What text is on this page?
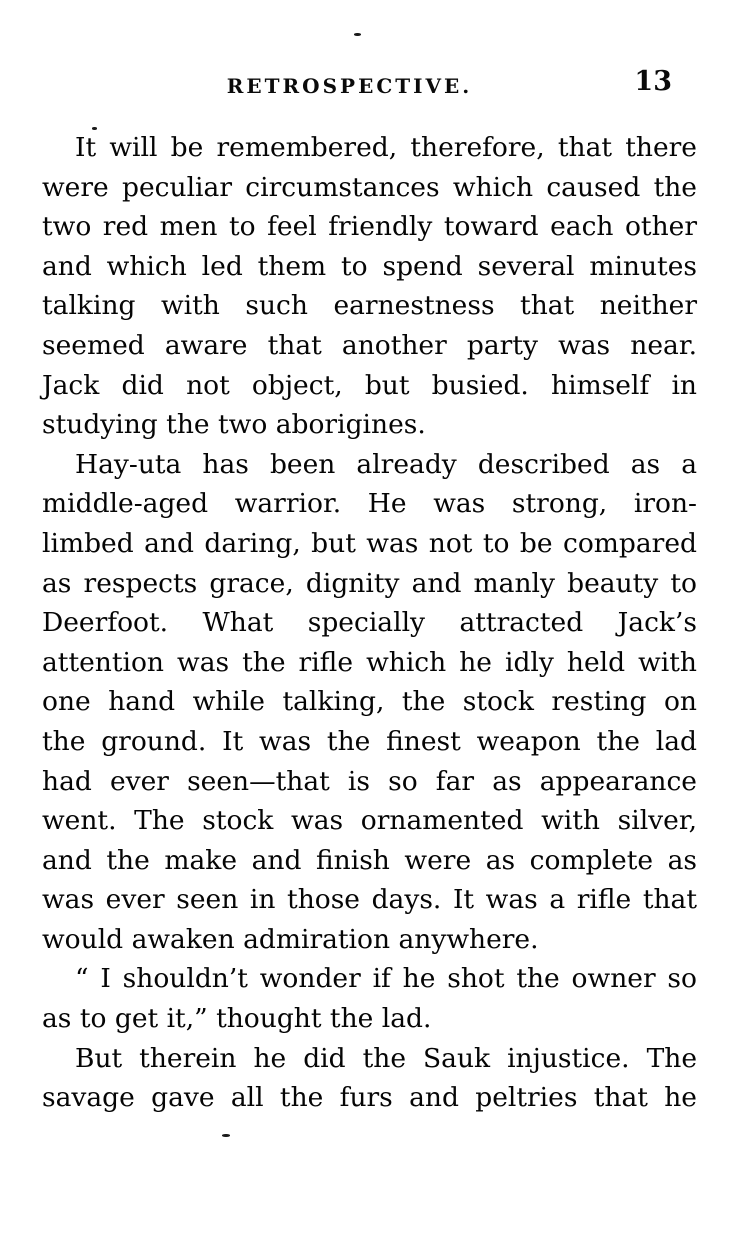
RETROSPECTIVE.	13
It will be remembered, therefore, that there
were peculiar circumstances which caused the
two red men to feel friendly toward each other
and which led them to spend several minutes
talking with such earnestness that neither
seemed aware that another party was near.
Jack did not object, but busied. himself in
studying the two aborigines.
Hay-uta has been already described as a
middle-aged warrior. He was strong, iron-
limbed and daring, but was not to be compared
as respects grace, dignity and manly beauty to
Deerfoot. What specially attracted Jack’s
attention was the rifle which he idly held with
one hand while talking, the stock resting on
the ground. It was the finest weapon the lad
had ever seen—that is so far as appearance
went. The stock was ornamented with silver,
and the make and finish were as complete as
was ever seen in those days. It was a rifle that
would awaken admiration anywhere.
“ I shouldn’t wonder if he shot the owner so
as to get it,” thought the lad.
But therein he did the Sauk injustice. The
savage gave all the furs and peltries that he
